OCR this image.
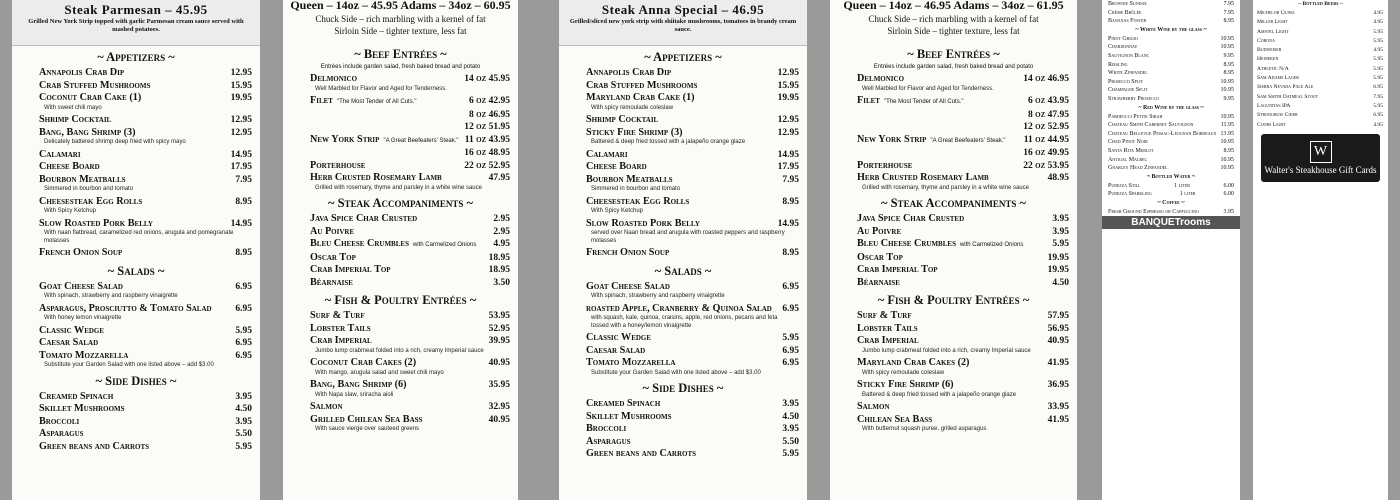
Steak Parmesan – 45.95
Grilled New York Strip topped with garlic Parmesan cream sauce served with mashed potatoes.
~ Appetizers ~
Annapolis Crab Dip	12.95
Crab Stuffed Mushrooms	15.95
Coconut Crab Cake (1)	19.95
With sweet chili mayo
Shrimp Cocktail	12.95
Bang, Bang Shrimp (3)	12.95
Delicately battered shrimp deep fried with spicy mayo
Calamari	14.95
Cheese Board	17.95
Bourbon Meatballs	7.95
Simmered in bourbon and tomato
Cheesesteak Egg Rolls	8.95
With Spicy Ketchup
Slow Roasted Pork Belly	14.95
With naan flatbread, caramelized red onions, arugula and pomegranate molasses
French Onion Soup	8.95
~ Salads ~
Goat Cheese Salad	6.95
With spinach, strawberry and raspberry vinaigrette
Asparagus, Prosciutto & Tomato Salad	6.95
With honey lemon vinaigrette
Classic Wedge	5.95
Caesar Salad	6.95
Tomato Mozzarella	6.95
Substitute your Garden Salad with one listed above – add $3.00
~ Side Dishes ~
Creamed Spinach	3.95
Skillet Mushrooms	4.50
Broccoli	3.95
Asparagus	5.50
Green beans and Carrots	5.95
Queen – 14oz – 45.95 Adams – 34oz – 60.95
Chuck Side – rich marbling with a kernel of fat
Sirloin Side – tighter texture, less fat
~ Beef Entrées ~
Entrées include garden salad, fresh baked bread and potato
Delmonico	14 oz 45.95
Well Marbled for Flavor and Aged for Tenderness.
Filet "The Most Tender of All Cuts."	6 oz 42.95
8 oz 46.95
12 oz 51.95
New York Strip "A Great Beefeaters' Steak." 11 oz 43.95
16 oz 48.95
Porterhouse	22 oz 52.95
Herb Crusted Rosemary Lamb	47.95
Grilled with rosemary, thyme and parsley in a white wine sauce
~ Steak Accompaniments ~
Java Spice Char Crusted	2.95
Au Poivre	2.95
Bleu Cheese Crumbles with Carmelized Onions 4.95
Oscar Top	18.95
Crab Imperial Top	18.95
Béarnaise	3.50
~ Fish & Poultry Entrées ~
Surf & Turf	53.95
Lobster Tails	52.95
Crab Imperial	39.95
Jumbo lump crabmeat folded into a rich, creamy Imperial sauce
Coconut Crab Cakes (2)	40.95
With mango, arugula salad and sweet chili mayo
Bang, Bang Shrimp (6)	35.95
With Napa slaw, sriracha aioli
Salmon	32.95
Grilled Chilean Sea Bass	40.95
With sauce vierge over sauteed greens
Steak Anna Special – 46.95
Grilled/sliced new york strip with shiitake mushrooms, tomatoes in brandy cream sauce.
~ Appetizers ~
Annapolis Crab Dip	12.95
Crab Stuffed Mushrooms	15.95
Maryland Crab Cake (1)	19.95
With spicy remoulade coleslaw
Shrimp Cocktail	12.95
Sticky Fire Shrimp (3)	12.95
Battered & deep fried tossed with a jalapeño orange glaze
Calamari	14.95
Cheese Board	17.95
Bourbon Meatballs	7.95
Simmered in bourbon and tomato
Cheesesteak Egg Rolls	8.95
With Spicy Ketchup
Slow Roasted Pork Belly	14.95
served over Naan bread and arugula with roasted peppers and raspberry molasses
French Onion Soup	8.95
~ Salads ~
Goat Cheese Salad	6.95
With spinach, strawberry and raspberry vinaigrette
roasted Apple, Cranberry & Quinoa Salad 6.95
with squash, kale, quinoa, craisins, apple, red onions, pecans and feta tossed with a honey/lemon vinaigrette
Classic Wedge	5.95
Caesar Salad	6.95
Tomato Mozzarella	6.95
Substitute your Garden Salad with one listed above – add $3.00
~ Side Dishes ~
Creamed Spinach	3.95
Skillet Mushrooms	4.50
Broccoli	3.95
Asparagus	5.50
Green beans and Carrots	5.95
Queen – 14oz – 46.95 Adams – 34oz – 61.95
Chuck Side – rich marbling with a kernel of fat
Sirloin Side – tighter texture, less fat
~ Beef Entrées ~
Entrées include garden salad, fresh baked bread and potato
Delmonico	14 oz 46.95
Well Marbled for Flavor and Aged for Tenderness.
Filet "The Most Tender of All Cuts."	6 oz 43.95
8 oz 47.95
12 oz 52.95
New York Strip "A Great Beefeaters' Steak." 11 oz 44.95
16 oz 49.95
Porterhouse	22 oz 53.95
Herb Crusted Rosemary Lamb	48.95
Grilled with rosemary, thyme and parsley in a white wine sauce
~ Steak Accompaniments ~
Java Spice Char Crusted	3.95
Au Poivre	3.95
Bleu Cheese Crumbles with Carmelized Onions	5.95
Oscar Top	19.95
Crab Imperial Top	19.95
Béarnaise	4.50
~ Fish & Poultry Entrées ~
Surf & Turf	57.95
Lobster Tails	56.95
Crab Imperial	40.95
Jumbo lump crabmeat folded into a rich, creamy Imperial sauce
Maryland Crab Cakes (2)	41.95
With spicy remoulade coleslaw
Sticky Fire Shrimp (6)	36.95
Battered & deep fried tossed with a jalapeño orange glaze
Salmon	33.95
Chilean Sea Bass	41.95
With butternut squash puree, grilled asparagus
Brownie Sundae	7.95
Crème Brûlée	7.95
Bananas Foster	8.95
~ White Wine by the glass ~
Pinot Grigio	10.95
Chardonnay	10.95
Sauvignon Blanc	9.95
Riesling	8.95
White Zinfandel	8.95
Prosecco Split	10.95
Champagne Split	10.95
Strawberry Prosecco	9.95
~ Red Wine by the glass ~
Pardeucci Petite Sirah	10.95
Chateau Smith Cabernet Sauvignon	11.95
Chateau Bellevue Pessac-Leognan Bordeaux 13.95
Chad Pinot Noir	10.95
Santa Rita Merlot	8.95
Antigal Malbec	10.95
Gnarley Head Zinfandel	10.95
~ Bottled Water ~
Purezza Still	1 liter	6.00
Purezza Sparkling	1 liter	6.00
~ Coffee ~
Fresh Ground Espresso or Cappuccino	3.95
BANQUETrooms
~ Bottled Beers ~
Michelob Ultra	4.95
Miller Light	4.95
Amstel Light	5.95
Corona	5.95
Budweiser	4.95
Heineken	5.95
Athletic N/A	5.95
Sam Adams Lager	5.95
Sierra Nevada Pale Ale	6.95
Sam Smith Oatmeal Stout	7.95
Lagunitas IPA	5.95
Strongbow Cider	6.95
Coors Light	4.95
W
Walter's Steakhouse Gift Cards
